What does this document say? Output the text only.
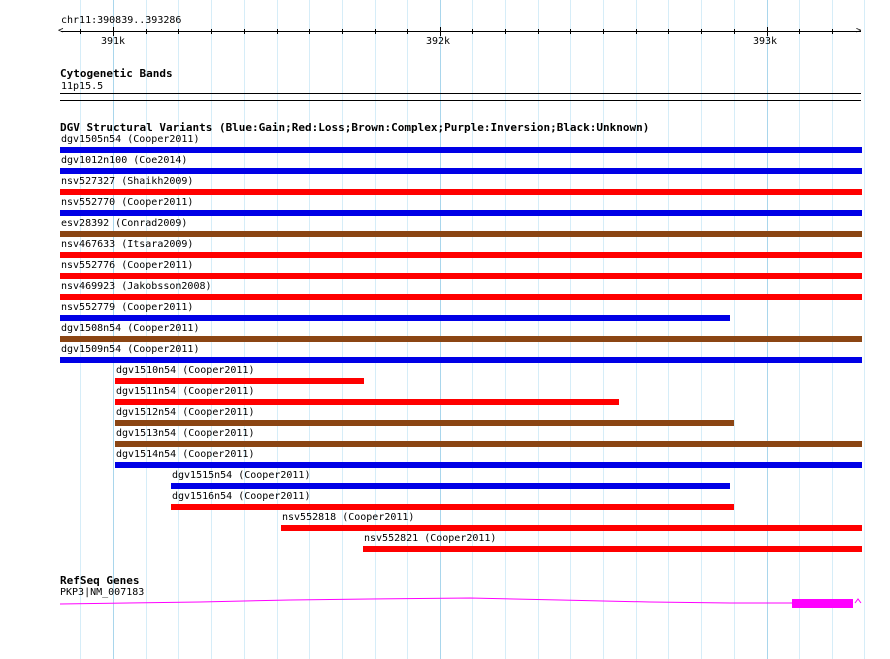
chr11:390839..393286
<	>
391k	392k	393k
Cytogenetic Bands
11p15.5
DGV Structural Variants (Blue:Gain;Red:Loss;Brown:Complex;Purple:Inversion;Black:Unknown)
dgv1505n54 (Cooper2011)
dgv1012n100 (Coe2014)
nsv527327 (Shaikh2009)
nsv552770 (Cooper2011)
esv28392 (Conrad2009)
nsv467633 (Itsara2009)
nsv552776 (Cooper2011)
nsv469923 (Jakobsson2008)
nsv552779 (Cooper2011)
dgv1508n54 (Cooper2011)
dgv1509n54 (Cooper2011)
dgv1510n54 (Cooper2011)
dgv1511n54 (Cooper2011)
dgv1512n54 (Cooper2011)
dgv1513n54 (Cooper2011)
dgv1514n54 (Cooper2011)
dgv1515n54 (Cooper2011)
dgv1516n54 (Cooper2011)
nsv552818 (Cooper2011)
nsv552821 (Cooper2011)
RefSeq Genes
PKP3|NM_007183
